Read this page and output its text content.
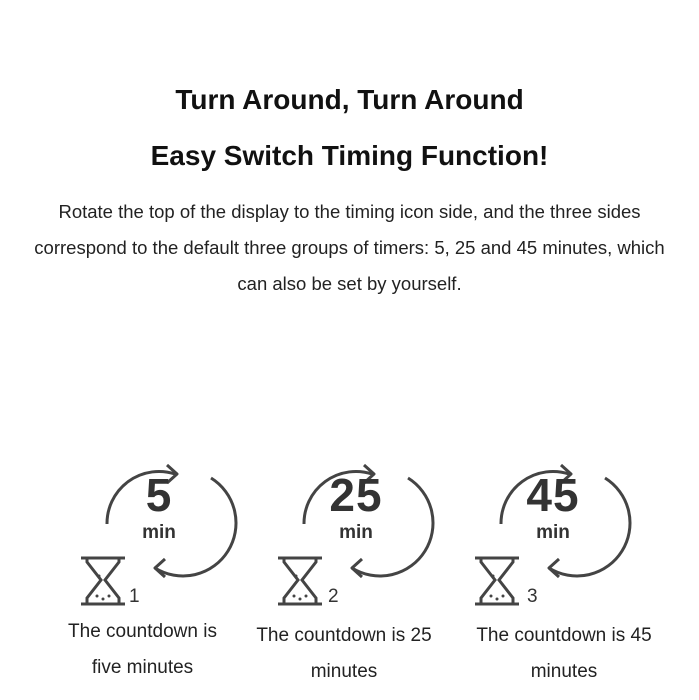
Turn Around, Turn Around
Easy Switch Timing Function!
Rotate the top of the display to the timing icon side, and the three sides correspond to the default three groups of timers: 5, 25 and 45 minutes, which can also be set by yourself.
5
min
1
25
min
2
45
min
3
The countdown is
five minutes
The countdown is 25
minutes
The countdown is 45
minutes
